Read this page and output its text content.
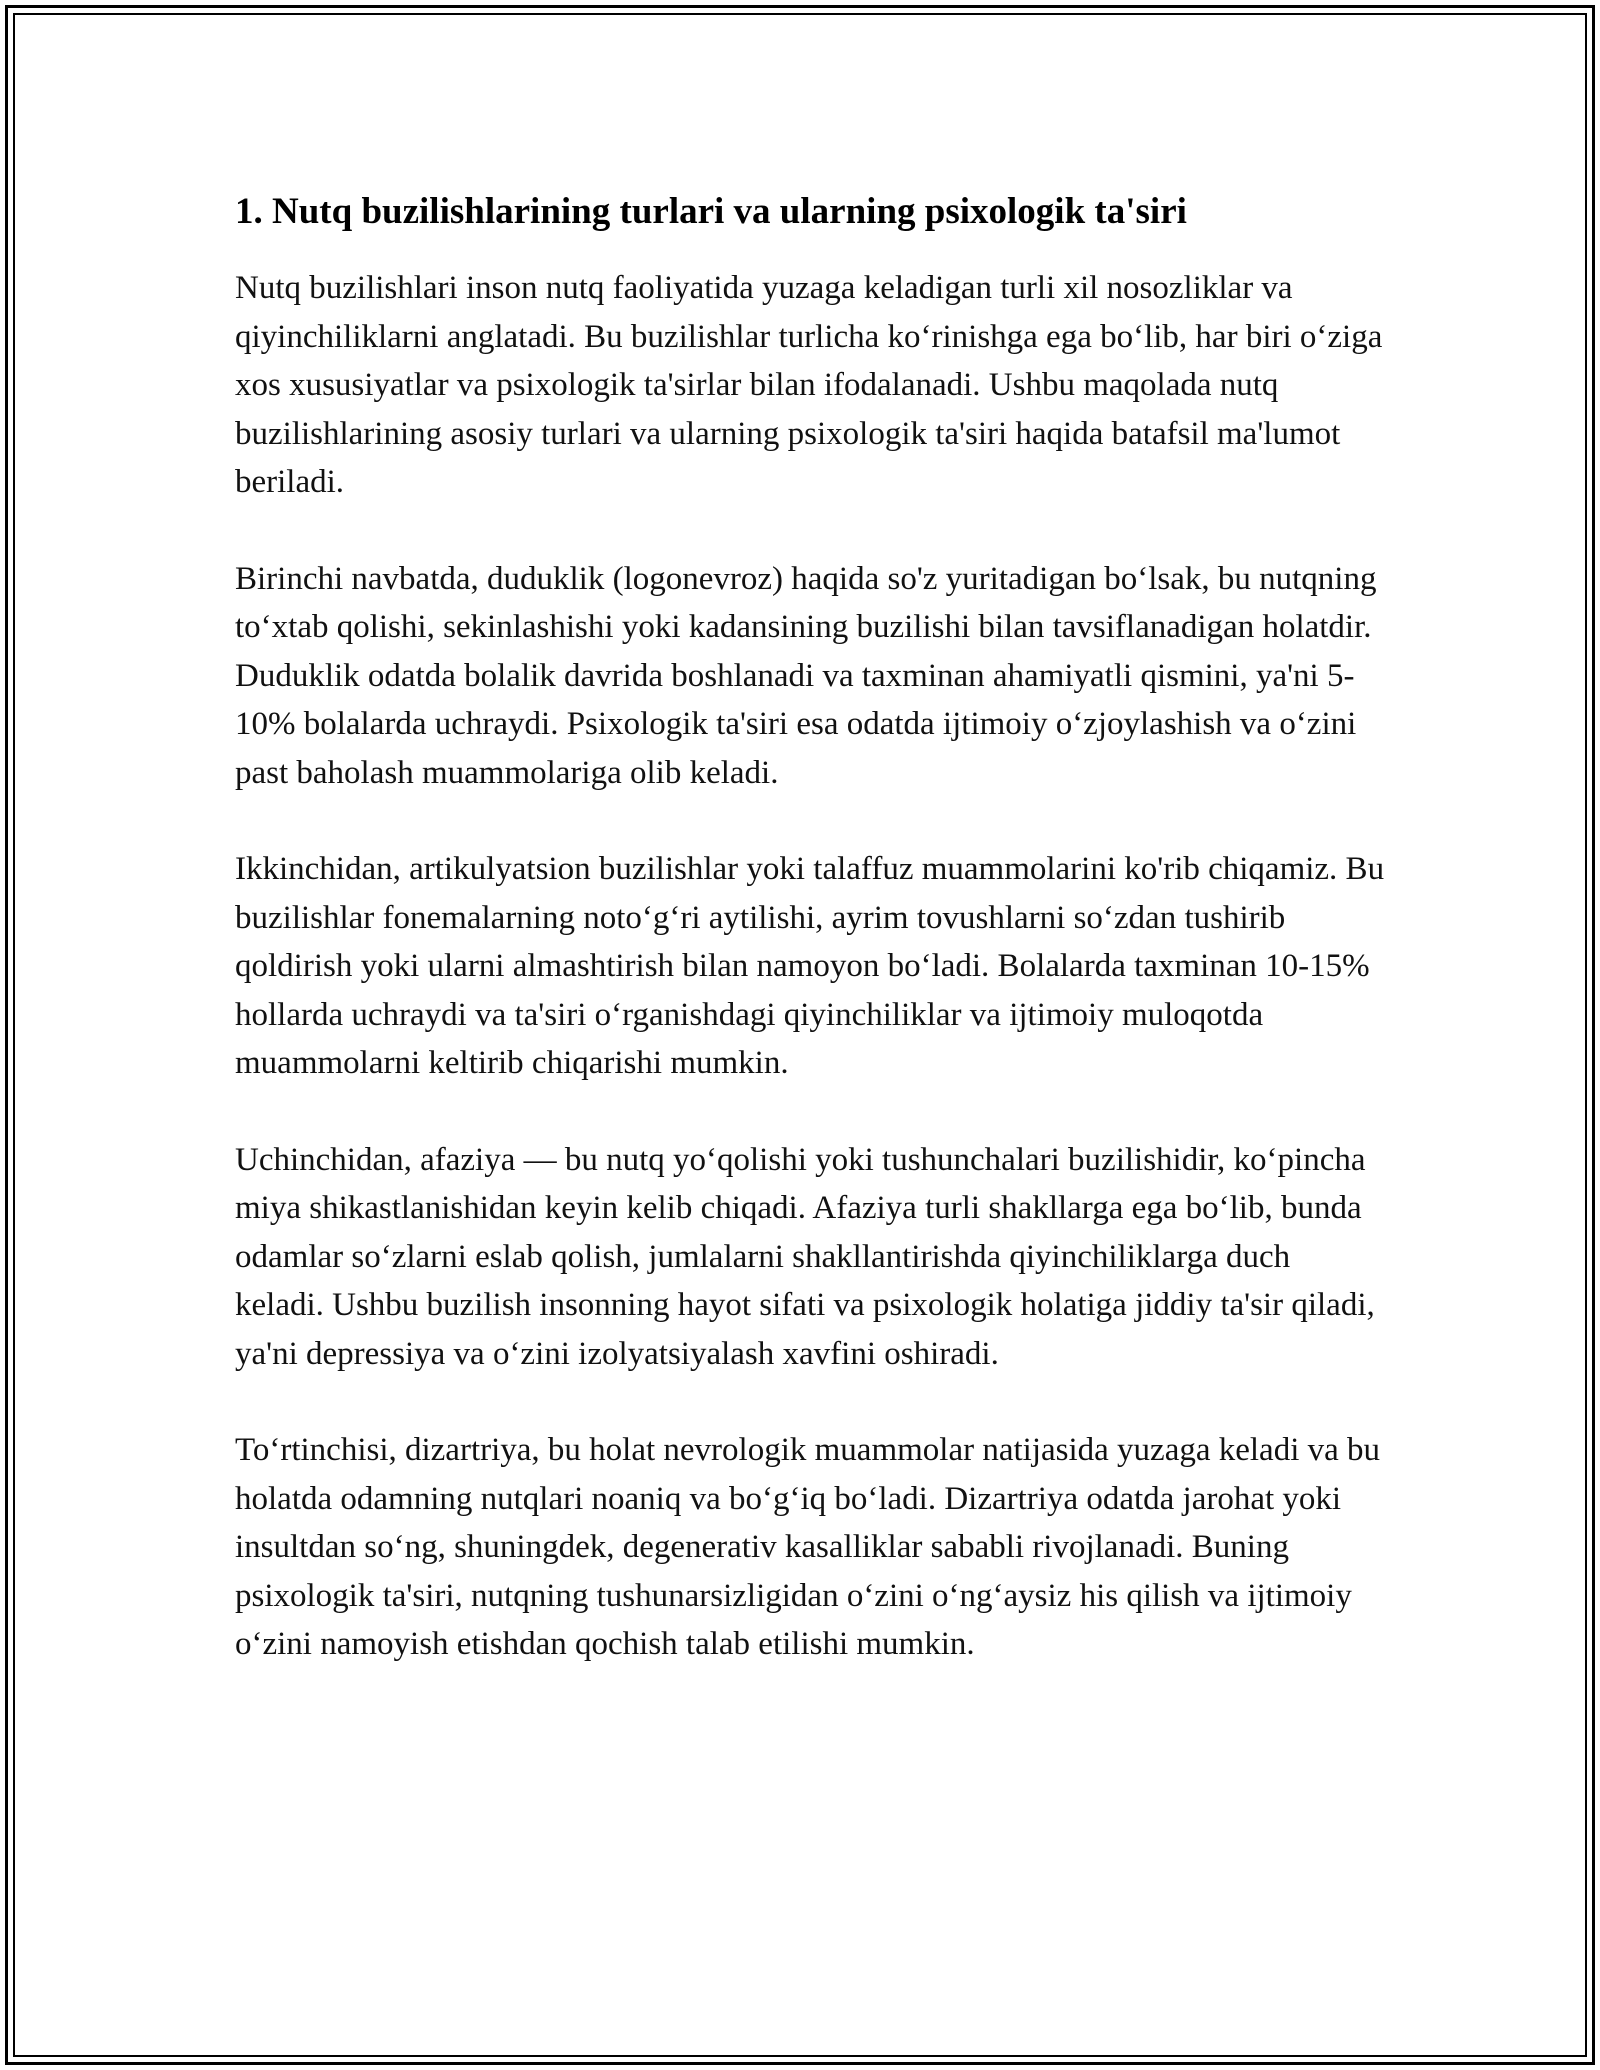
1. Nutq buzilishlarining turlari va ularning psixologik ta'siri

Nutq buzilishlari inson nutq faoliyatida yuzaga keladigan turli xil nosozliklar va qiyinchiliklarni anglatadi. Bu buzilishlar turlicha koʻrinishga ega boʻlib, har biri oʻziga xos xususiyatlar va psixologik ta'sirlar bilan ifodalanadi. Ushbu maqolada nutq buzilishlarining asosiy turlari va ularning psixologik ta'siri haqida batafsil ma'lumot beriladi.

Birinchi navbatda, duduklik (logonevroz) haqida so'z yuritadigan boʻlsak, bu nutqning toʻxtab qolishi, sekinlashishi yoki kadansining buzilishi bilan tavsiflanadigan holatdir. Duduklik odatda bolalik davrida boshlanadi va taxminan ahamiyatli qismini, ya'ni 5-10% bolalarda uchraydi. Psixologik ta'siri esa odatda ijtimoiy oʻzjoylashish va oʻzini past baholash muammolariga olib keladi.

Ikkinchidan, artikulyatsion buzilishlar yoki talaffuz muammolarini ko'rib chiqamiz. Bu buzilishlar fonemalarning notoʻgʻri aytilishi, ayrim tovushlarni soʻzdan tushirib qoldirish yoki ularni almashtirish bilan namoyon boʻladi. Bolalarda taxminan 10-15% hollarda uchraydi va ta'siri oʻrganishdagi qiyinchiliklar va ijtimoiy muloqotda muammolarni keltirib chiqarishi mumkin.

Uchinchidan, afaziya — bu nutq yoʻqolishi yoki tushunchalari buzilishidir, koʻpincha miya shikastlanishidan keyin kelib chiqadi. Afaziya turli shakllarga ega boʻlib, bunda odamlar soʻzlarni eslab qolish, jumlalarni shakllantirishda qiyinchiliklarga duch keladi. Ushbu buzilish insonning hayot sifati va psixologik holatiga jiddiy ta'sir qiladi, ya'ni depressiya va oʻzini izolyatsiyalash xavfini oshiradi.

Toʻrtinchisi, dizartriya, bu holat nevrologik muammolar natijasida yuzaga keladi va bu holatda odamning nutqlari noaniq va boʻgʻiq boʻladi. Dizartriya odatda jarohat yoki insultdan soʻng, shuningdek, degenerativ kasalliklar sababli rivojlanadi. Buning psixologik ta'siri, nutqning tushunarsizligidan oʻzini oʻngʻaysiz his qilish va ijtimoiy oʻzini namoyish etishdan qochish talab etilishi mumkin.
